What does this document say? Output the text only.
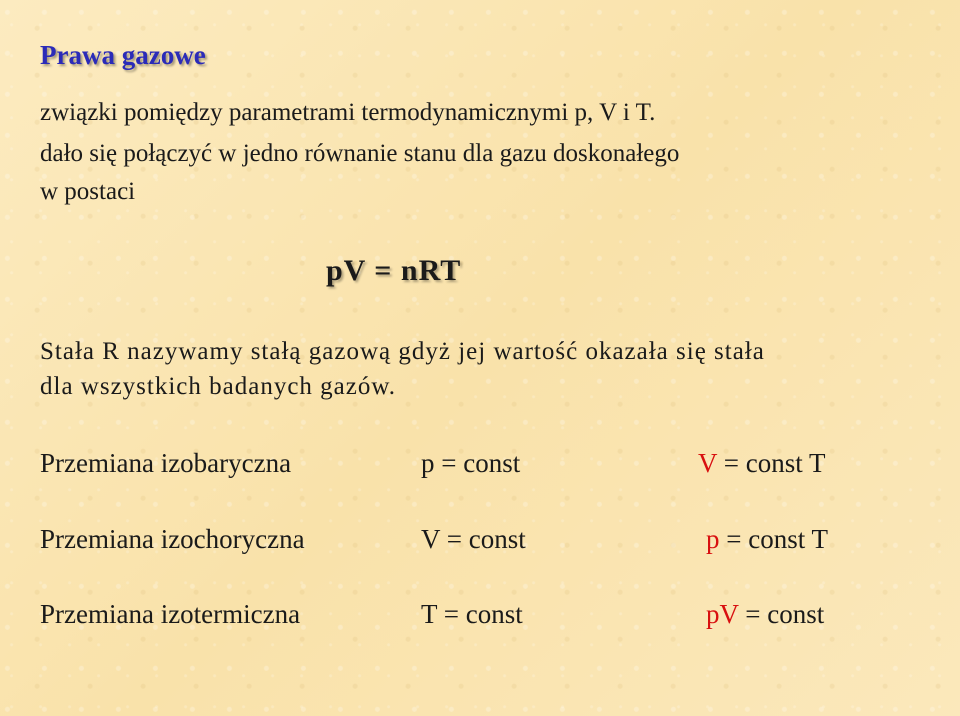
Prawa gazowe
związki pomiędzy parametrami termodynamicznymi p, V i T.
dało się połączyć w jedno równanie stanu dla gazu doskonałego
w postaci
pV = nRT
Stała R nazywamy stałą gazową gdyż jej wartość okazała się stała
dla wszystkich badanych gazów.
Przemiana izobaryczna	p = const	V = const T
Przemiana izochoryczna	V = const	p = const T
Przemiana izotermiczna	T = const	pV = const
